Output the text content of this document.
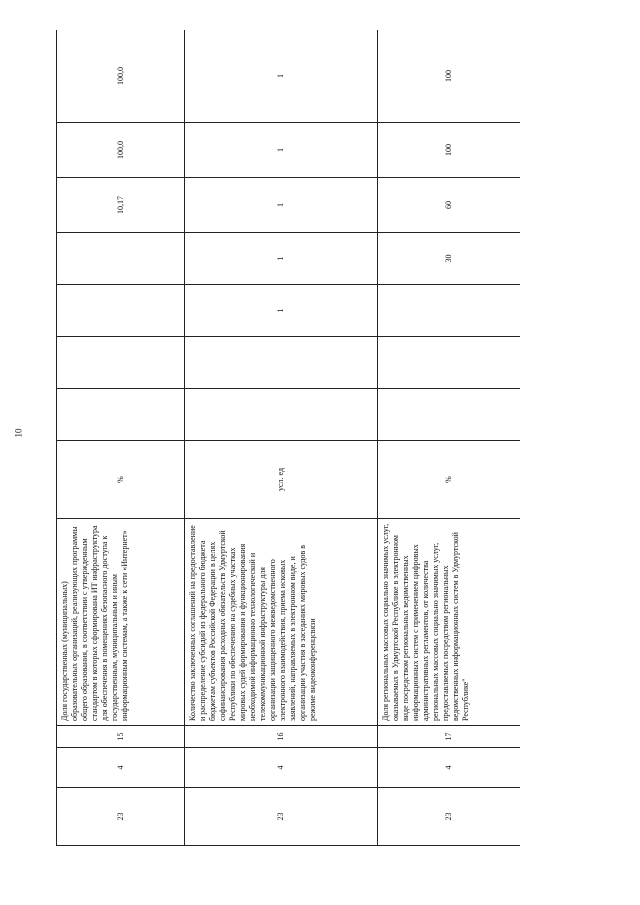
10
23	4	15	Доля государственных (муниципальных) образовательных организаций, реализующих программы общего образования, в соответствии с утвержденным стандартом в которых сформирована ИТ инфраструктура для обеспечения в помещениях безопасного доступа к государственным, муниципальным и иным информационным системам, а также к сети «Интернет»	%					10,17	100,0	100,0
23	4	16	Количество заключенных соглашений на предоставление и распределение субсидий из федерального бюджета бюджетам субъектов Российской Федерации в целях софинансирования расходных обязательств Удмуртской Республики по обеспечению на судебных участках мировых судей формирования и функционирования необходимой информационно технологической и телекоммуникационной инфраструктуры для организации защищенного межведомственного электронного взаимодействия, приема исковых заявлений, направляемых в электронном виде, и организации участия в заседаниях мировых судов в режиме видеоконференцсвязи	усл. ед			1	1	1	1	1
23	4	17	Доля региональных массовых социально значимых услуг, оказываемых в Удмуртской Республике в электронном виде посредством региональных ведомственных информационных систем с применением цифровых административных регламентов, от количества региональных массовых социально значимых услуг, предоставляемых посредством региональных ведомственных информационных систем в Удмуртской Республике"	%				30	60	100	100
